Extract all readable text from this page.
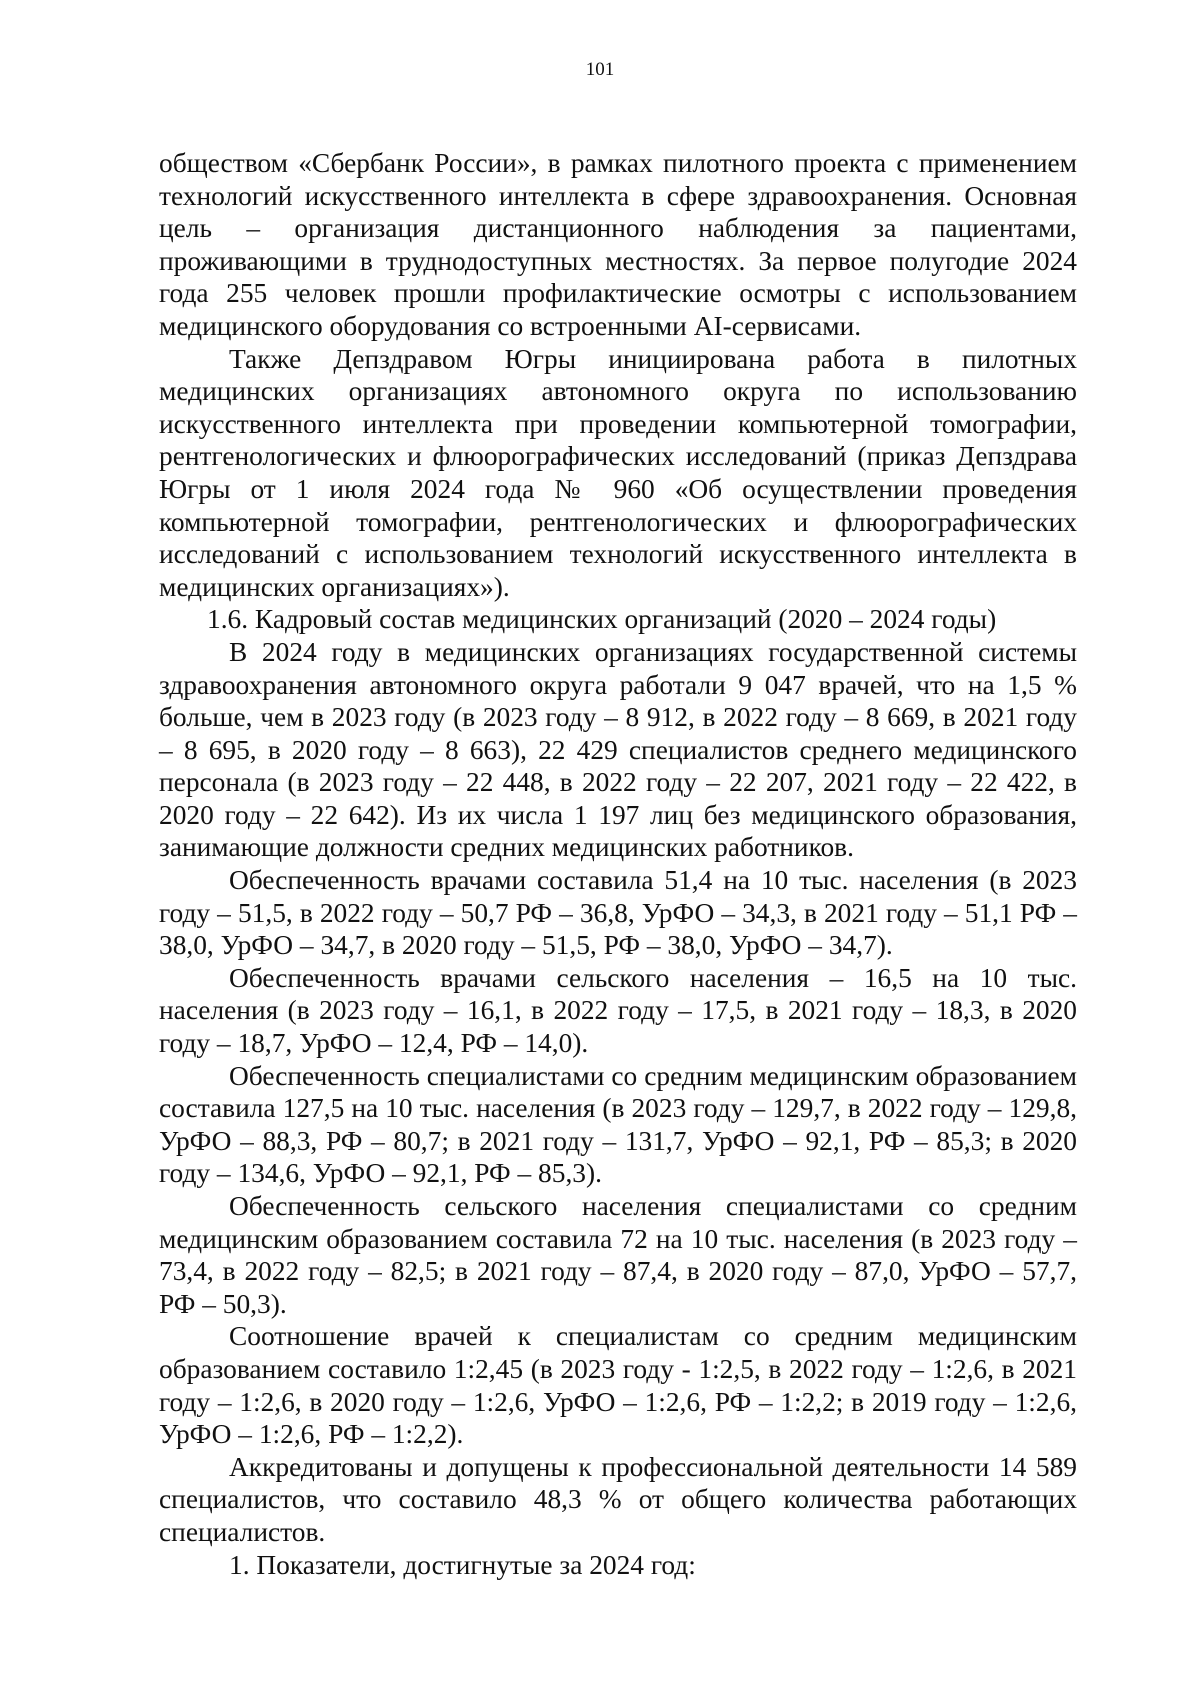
101

обществом «Сбербанк России», в рамках пилотного проекта с применением технологий искусственного интеллекта в сфере здравоохранения. Основная цель – организация дистанционного наблюдения за пациентами, проживающими в труднодоступных местностях. За первое полугодие 2024 года 255 человек прошли профилактические осмотры с использованием медицинского оборудования со встроенными AI-сервисами.

Также Депздравом Югры инициирована работа в пилотных медицинских организациях автономного округа по использованию искусственного интеллекта при проведении компьютерной томографии, рентгенологических и флюорографических исследований (приказ Депздрава Югры от 1 июля 2024 года № 960 «Об осуществлении проведения компьютерной томографии, рентгенологических и флюорографических исследований с использованием технологий искусственного интеллекта в медицинских организациях»).

1.6. Кадровый состав медицинских организаций (2020 – 2024 годы)

В 2024 году в медицинских организациях государственной системы здравоохранения автономного округа работали 9 047 врачей, что на 1,5 % больше, чем в 2023 году (в 2023 году – 8 912, в 2022 году – 8 669, в 2021 году – 8 695, в 2020 году – 8 663), 22 429 специалистов среднего медицинского персонала (в 2023 году – 22 448, в 2022 году – 22 207, 2021 году – 22 422, в 2020 году – 22 642). Из их числа 1 197 лиц без медицинского образования, занимающие должности средних медицинских работников.

Обеспеченность врачами составила 51,4 на 10 тыс. населения (в 2023 году – 51,5, в 2022 году – 50,7 РФ – 36,8, УрФО – 34,3, в 2021 году – 51,1 РФ – 38,0, УрФО – 34,7, в 2020 году – 51,5, РФ – 38,0, УрФО – 34,7).

Обеспеченность врачами сельского населения – 16,5 на 10 тыс. населения (в 2023 году – 16,1, в 2022 году – 17,5, в 2021 году – 18,3, в 2020 году – 18,7, УрФО – 12,4, РФ – 14,0).

Обеспеченность специалистами со средним медицинским образованием составила 127,5 на 10 тыс. населения (в 2023 году – 129,7, в 2022 году – 129,8, УрФО – 88,3, РФ – 80,7; в 2021 году – 131,7, УрФО – 92,1, РФ – 85,3; в 2020 году – 134,6, УрФО – 92,1, РФ – 85,3).

Обеспеченность сельского населения специалистами со средним медицинским образованием составила 72 на 10 тыс. населения (в 2023 году – 73,4, в 2022 году – 82,5; в 2021 году – 87,4, в 2020 году – 87,0, УрФО – 57,7, РФ – 50,3).

Соотношение врачей к специалистам со средним медицинским образованием составило 1:2,45 (в 2023 году - 1:2,5, в 2022 году – 1:2,6, в 2021 году – 1:2,6, в 2020 году – 1:2,6, УрФО – 1:2,6, РФ – 1:2,2; в 2019 году – 1:2,6, УрФО – 1:2,6, РФ – 1:2,2).

Аккредитованы и допущены к профессиональной деятельности 14 589 специалистов, что составило 48,3 % от общего количества работающих специалистов.

1. Показатели, достигнутые за 2024 год:
